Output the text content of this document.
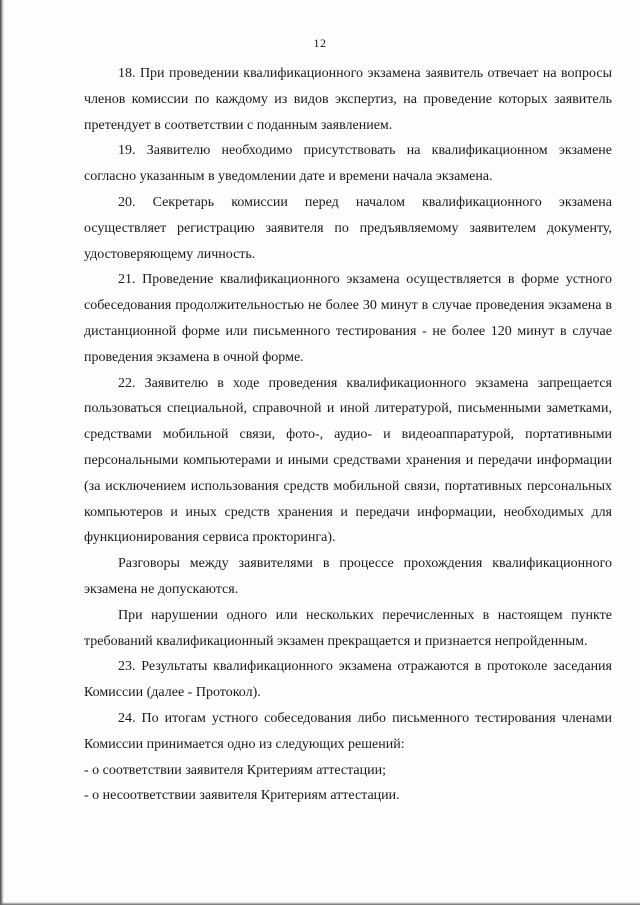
12

18. При проведении квалификационного экзамена заявитель отвечает на вопросы членов комиссии по каждому из видов экспертиз, на проведение которых заявитель претендует в соответствии с поданным заявлением.

19. Заявителю необходимо присутствовать на квалификационном экзамене согласно указанным в уведомлении дате и времени начала экзамена.

20. Секретарь комиссии перед началом квалификационного экзамена осуществляет регистрацию заявителя по предъявляемому заявителем документу, удостоверяющему личность.

21. Проведение квалификационного экзамена осуществляется в форме устного собеседования продолжительностью не более 30 минут в случае проведения экзамена в дистанционной форме или письменного тестирования - не более 120 минут в случае проведения экзамена в очной форме.

22. Заявителю в ходе проведения квалификационного экзамена запрещается пользоваться специальной, справочной и иной литературой, письменными заметками, средствами мобильной связи, фото-, аудио- и видеоаппаратурой, портативными персональными компьютерами и иными средствами хранения и передачи информации (за исключением использования средств мобильной связи, портативных персональных компьютеров и иных средств хранения и передачи информации, необходимых для функционирования сервиса прокторинга).

Разговоры между заявителями в процессе прохождения квалификационного экзамена не допускаются.

При нарушении одного или нескольких перечисленных в настоящем пункте требований квалификационный экзамен прекращается и признается непройденным.

23. Результаты квалификационного экзамена отражаются в протоколе заседания Комиссии (далее - Протокол).

24. По итогам устного собеседования либо письменного тестирования членами Комиссии принимается одно из следующих решений:

- о соответствии заявителя Критериям аттестации;

- о несоответствии заявителя Критериям аттестации.
